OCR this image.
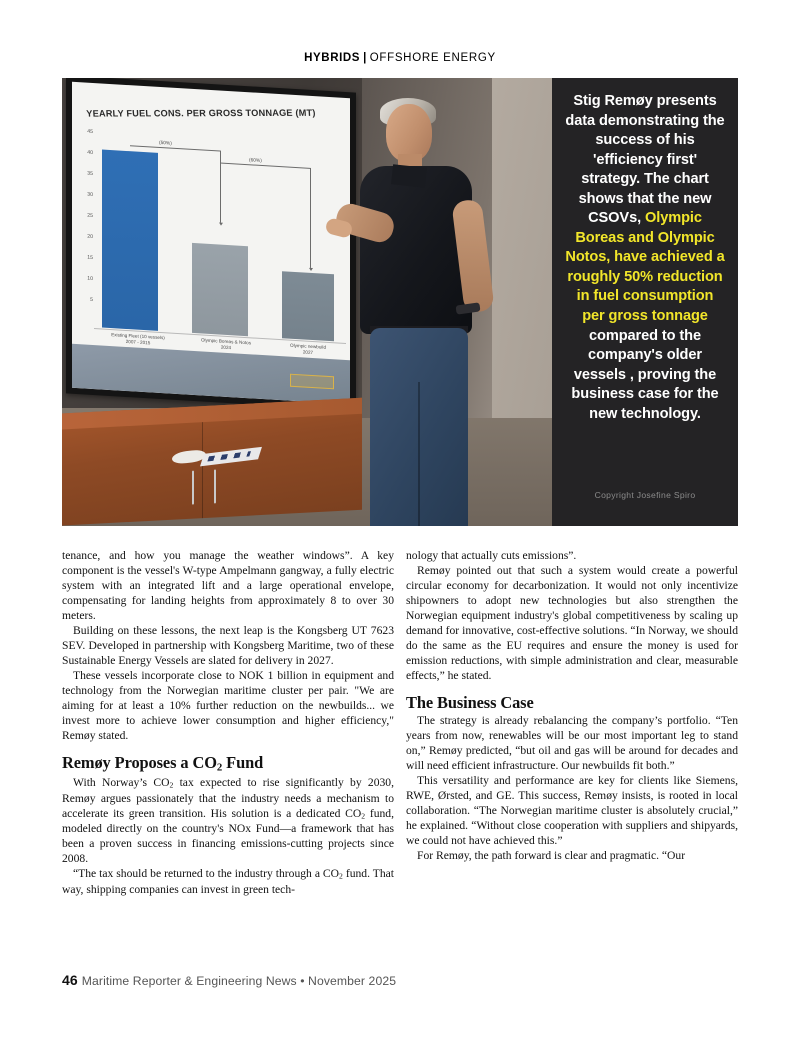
HYBRIDS | OFFSHORE ENERGY
YEARLY FUEL CONS. PER GROSS TONNAGE (MT)
45
40
35
30
25
20
15
10
5
(50%)
(60%)
Existing Fleet (10 vessels)
2007 - 2015	Olympic Boreas & Notos
2024	Olympic newbuild
2027
Stig Remøy presents data demonstrating the success of his 'efficiency first' strategy. The chart shows that the new CSOVs, Olympic Boreas and Olympic Notos, have achieved a roughly 50% reduction in fuel consumption per gross tonnage compared to the company's older vessels , proving the business case for the new technology.
Copyright Josefine Spiro

tenance, and how you manage the weather windows”. A key component is the vessel's W-type Ampelmann gangway, a fully electric system with an integrated lift and a large operational envelope, compensating for landing heights from approximately 8 to over 30 meters.

Building on these lessons, the next leap is the Kongsberg UT 7623 SEV. Developed in partnership with Kongsberg Maritime, two of these Sustainable Energy Vessels are slated for delivery in 2027.

These vessels incorporate close to NOK 1 billion in equipment and technology from the Norwegian maritime cluster per pair. "We are aiming for at least a 10% further reduction on the newbuilds... we invest more to achieve lower consumption and higher efficiency," Remøy stated.

Remøy Proposes a $CO_2$ Fund

With Norway’s $CO_2$ tax expected to rise significantly by 2030, Remøy argues passionately that the industry needs a mechanism to accelerate its green transition. His solution is a dedicated $CO_2$ fund, modeled directly on the country's NOx Fund—a framework that has been a proven success in financing emissions-cutting projects since 2008.

“The tax should be returned to the industry through a $CO_2$ fund. That way, shipping companies can invest in green tech-

nology that actually cuts emissions”.

Remøy pointed out that such a system would create a powerful circular economy for decarbonization. It would not only incentivize shipowners to adopt new technologies but also strengthen the Norwegian equipment industry's global competitiveness by scaling up demand for innovative, cost-effective solutions. “In Norway, we should do the same as the EU requires and ensure the money is used for emission reductions, with simple administration and clear, measurable effects,” he stated.

The Business Case

The strategy is already rebalancing the company’s portfolio. “Ten years from now, renewables will be our most important leg to stand on,” Remøy predicted, “but oil and gas will be around for decades and will need efficient infrastructure. Our newbuilds fit both.”

This versatility and performance are key for clients like Siemens, RWE, Ørsted, and GE. This success, Remøy insists, is rooted in local collaboration. “The Norwegian maritime cluster is absolutely crucial,” he explained. “Without close cooperation with suppliers and shipyards, we could not have achieved this.”

For Remøy, the path forward is clear and pragmatic. “Our

46 Maritime Reporter & Engineering News • November 2025
